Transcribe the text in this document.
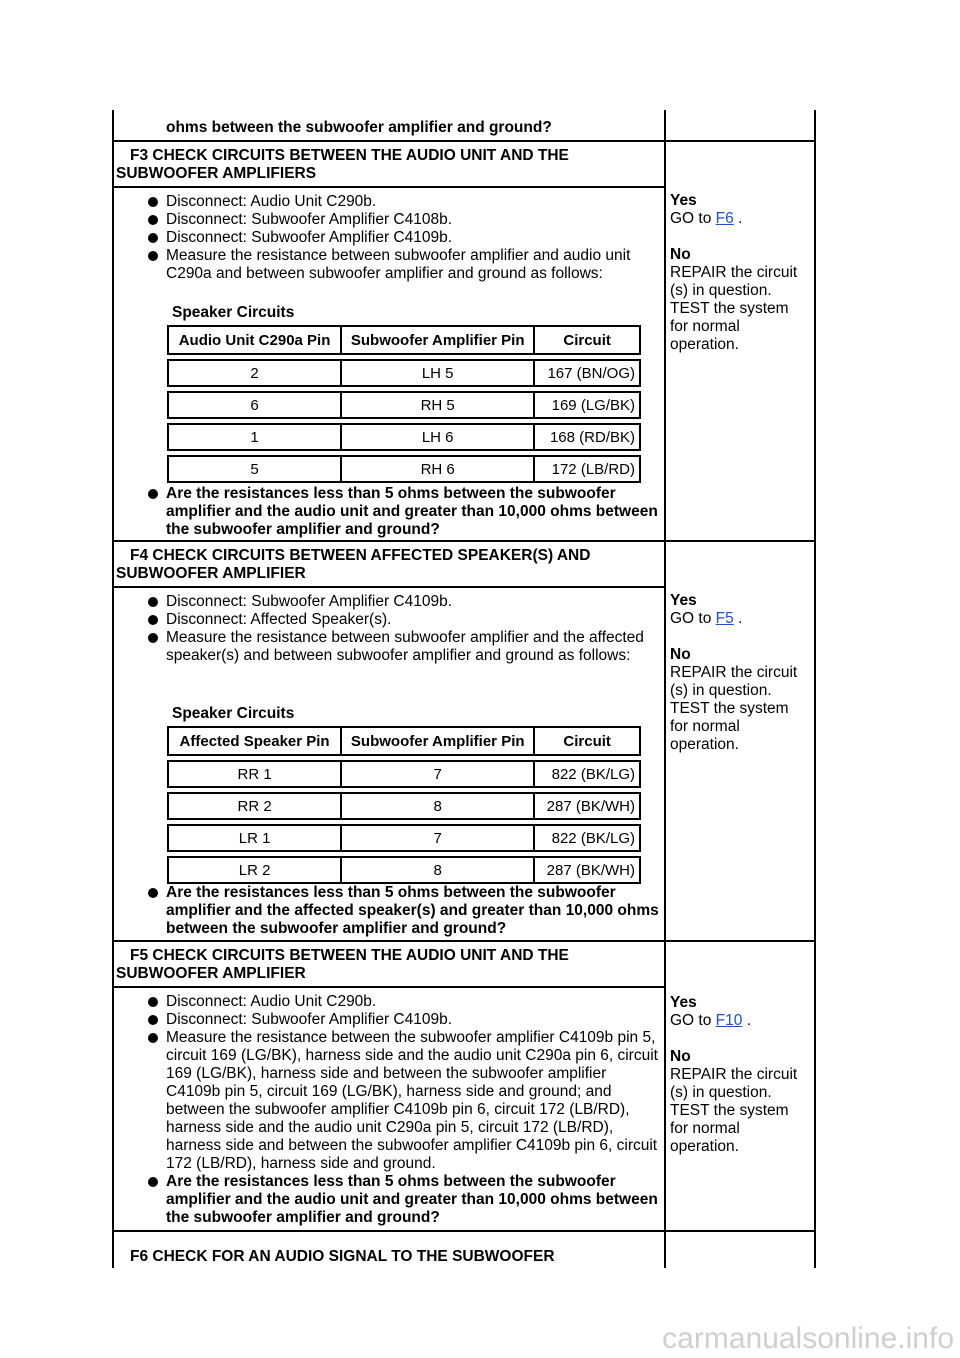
ohms between the subwoofer amplifier and ground?
F3 CHECK CIRCUITS BETWEEN THE AUDIO UNIT AND THE
SUBWOOFER AMPLIFIERS
Disconnect: Audio Unit C290b.
Disconnect: Subwoofer Amplifier C4108b.
Disconnect: Subwoofer Amplifier C4109b.
Measure the resistance between subwoofer amplifier and audio unit C290a and between subwoofer amplifier and ground as follows:
Speaker Circuits
Audio Unit C290a Pin	Subwoofer Amplifier Pin	Circuit

2	LH 5	167 (BN/OG)

6	RH 5	169 (LG/BK)

1	LH 6	168 (RD/BK)

5	RH 6	172 (LB/RD)
Are the resistances less than 5 ohms between the subwoofer amplifier and the audio unit and greater than 10,000 ohms between the subwoofer amplifier and ground?
Yes
GO to F6 .
No
REPAIR the circuit (s) in question. TEST the system for normal operation.
F4 CHECK CIRCUITS BETWEEN AFFECTED SPEAKER(S) AND
SUBWOOFER AMPLIFIER
Disconnect: Subwoofer Amplifier C4109b.
Disconnect: Affected Speaker(s).
Measure the resistance between subwoofer amplifier and the affected speaker(s) and between subwoofer amplifier and ground as follows:
Speaker Circuits
Affected Speaker Pin	Subwoofer Amplifier Pin	Circuit

RR 1	7	822 (BK/LG)

RR 2	8	287 (BK/WH)

LR 1	7	822 (BK/LG)

LR 2	8	287 (BK/WH)
Are the resistances less than 5 ohms between the subwoofer amplifier and the affected speaker(s) and greater than 10,000 ohms between the subwoofer amplifier and ground?
Yes
GO to F5 .
No
REPAIR the circuit (s) in question. TEST the system for normal operation.
F5 CHECK CIRCUITS BETWEEN THE AUDIO UNIT AND THE
SUBWOOFER AMPLIFIER
Disconnect: Audio Unit C290b.
Disconnect: Subwoofer Amplifier C4109b.
Measure the resistance between the subwoofer amplifier C4109b pin 5, circuit 169 (LG/BK), harness side and the audio unit C290a pin 6, circuit 169 (LG/BK), harness side and between the subwoofer amplifier C4109b pin 5, circuit 169 (LG/BK), harness side and ground; and between the subwoofer amplifier C4109b pin 6, circuit 172 (LB/RD), harness side and the audio unit C290a pin 5, circuit 172 (LB/RD), harness side and between the subwoofer amplifier C4109b pin 6, circuit 172 (LB/RD), harness side and ground.
Are the resistances less than 5 ohms between the subwoofer amplifier and the audio unit and greater than 10,000 ohms between the subwoofer amplifier and ground?
Yes
GO to F10 .
No
REPAIR the circuit (s) in question. TEST the system for normal operation.
F6 CHECK FOR AN AUDIO SIGNAL TO THE SUBWOOFER
carmanualsonline.info
